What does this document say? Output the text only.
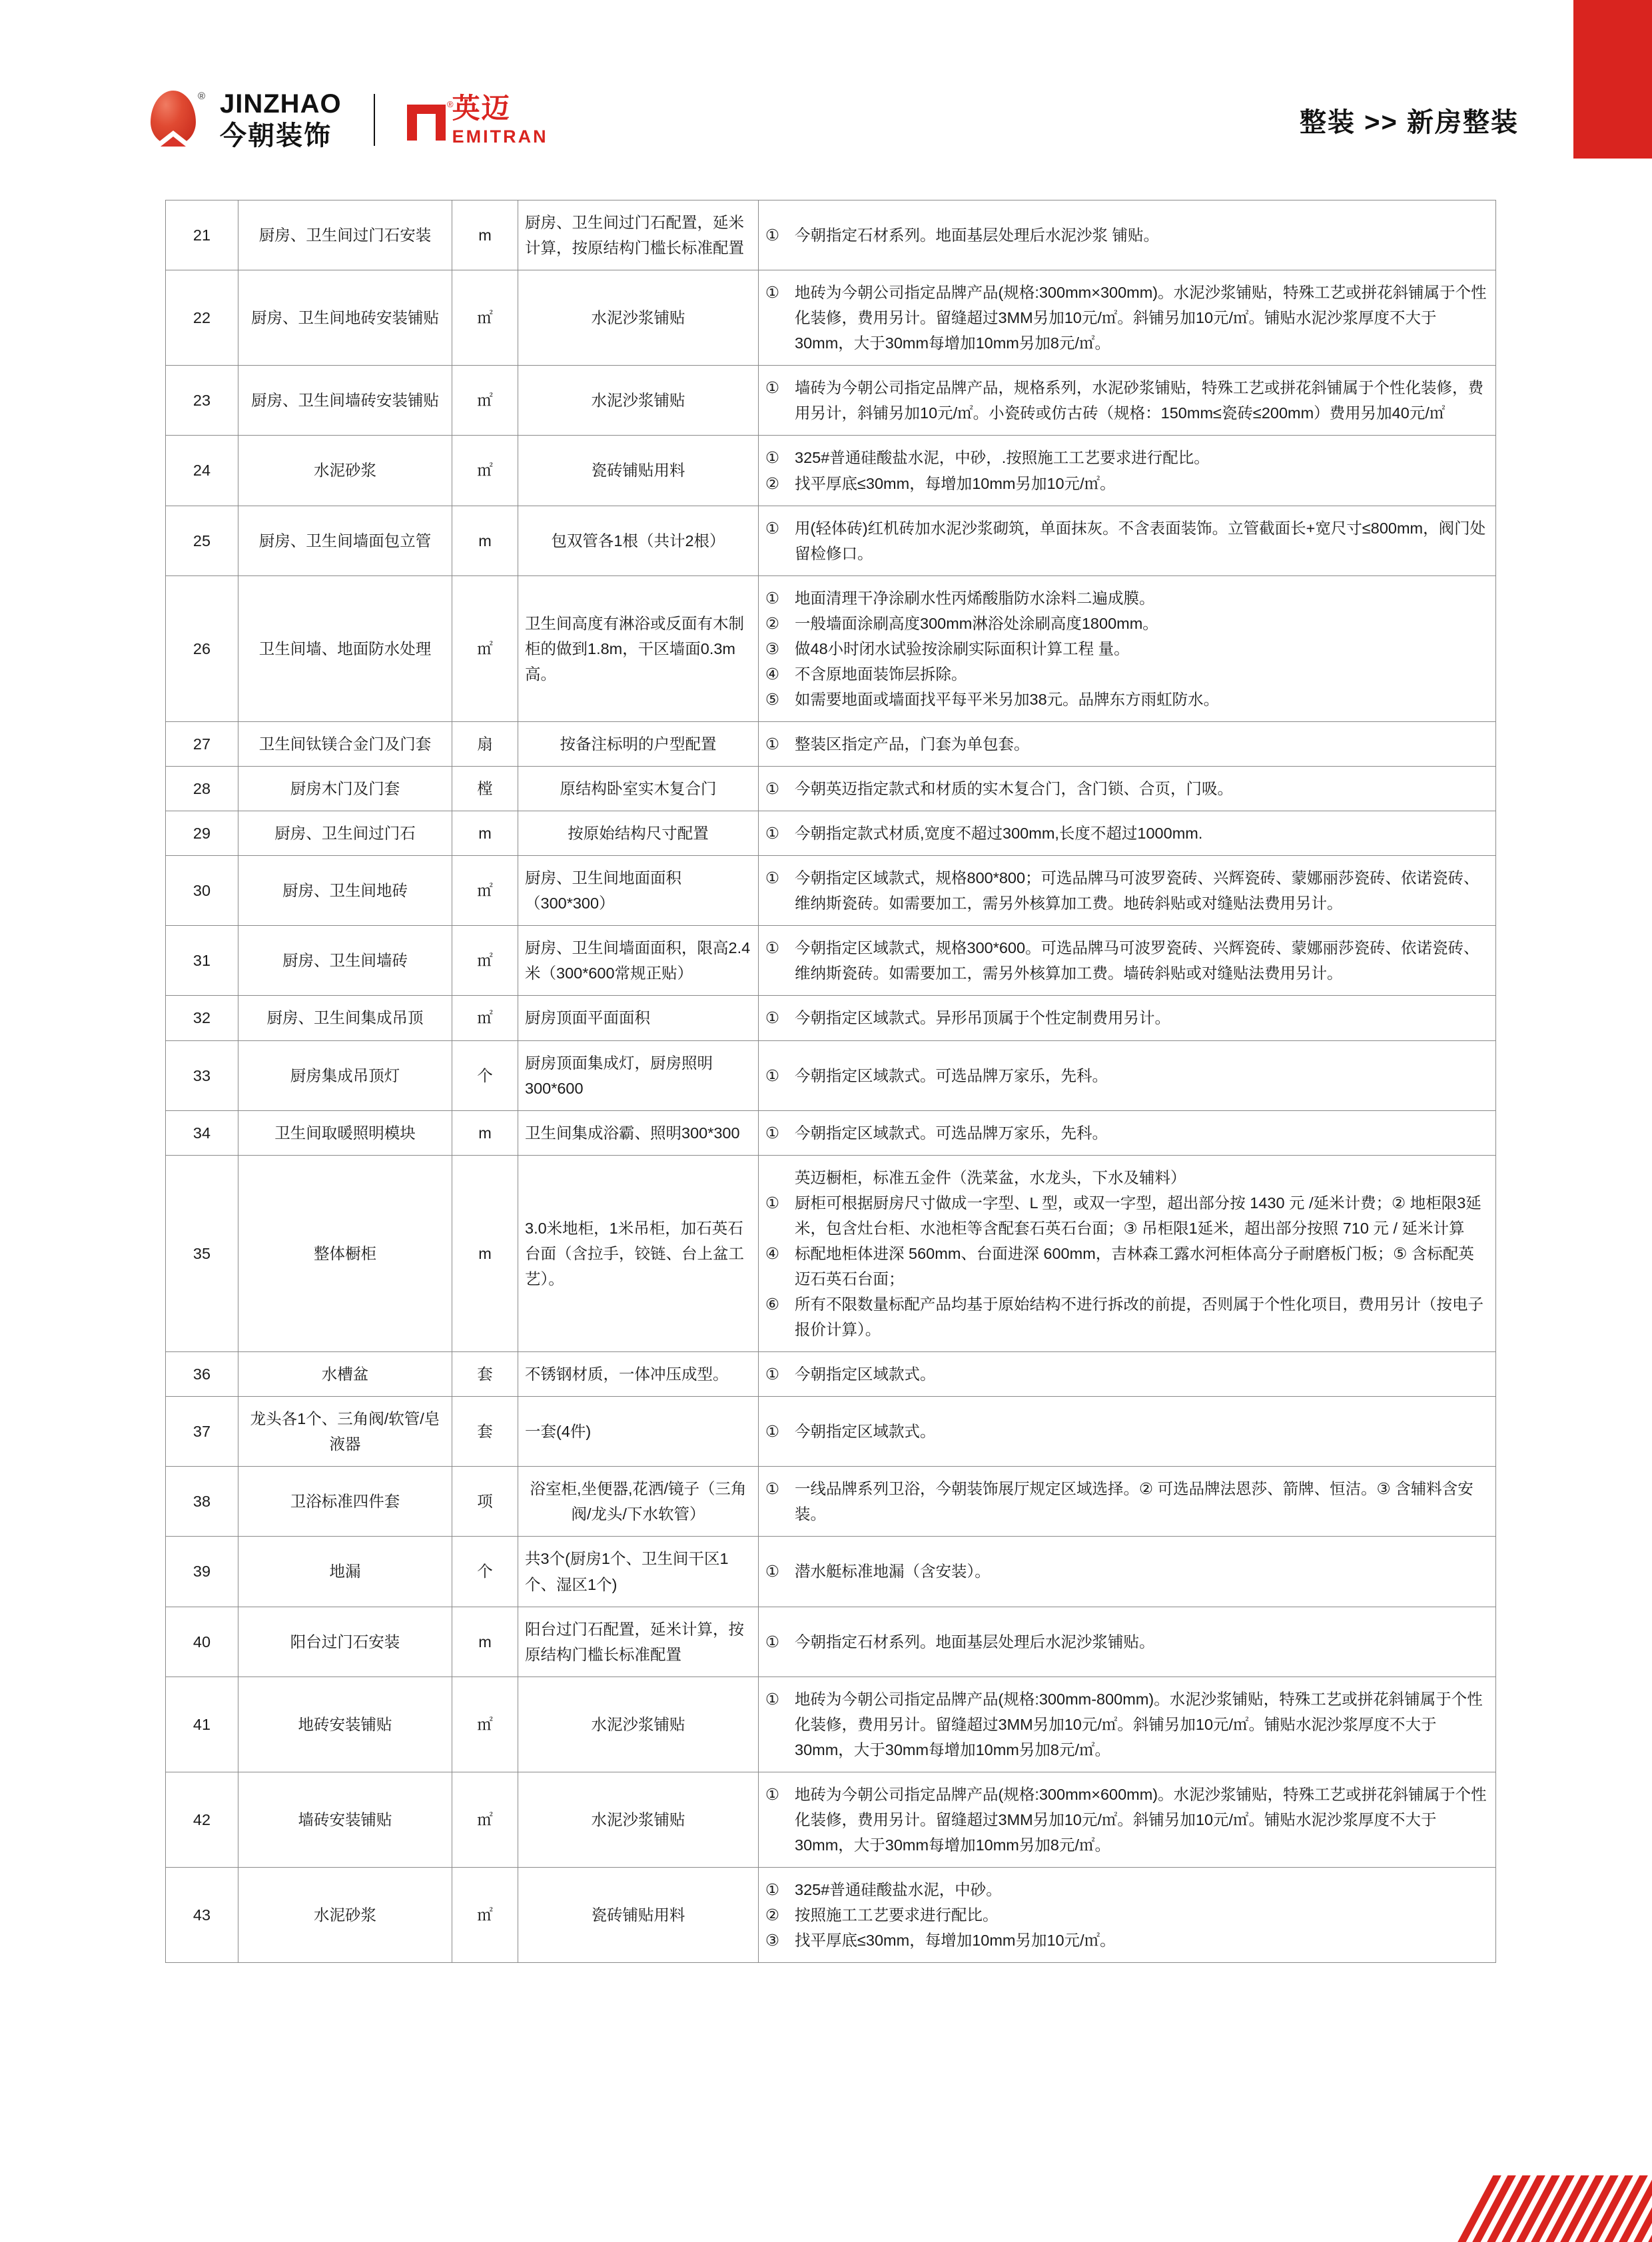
® JINZHAO
今朝装饰
®
英迈
EMITRAN	整装 >> 新房整装
21	厨房、卫生间过门石安装	m	厨房、卫生间过门石配置，延米计算，按原结构门槛长标准配置	① 今朝指定石材系列。地面基层处理后水泥沙浆 铺贴。

22	厨房、卫生间地砖安装铺贴	㎡	水泥沙浆铺贴	① 地砖为今朝公司指定品牌产品(规格:300mm×300mm)。水泥沙浆铺贴，特殊工艺或拼花斜铺属于个性化装修，费用另计。留缝超过3MM另加10元/㎡。斜铺另加10元/㎡。铺贴水泥沙浆厚度不大于30mm，大于30mm每增加10mm另加8元/㎡。

23	厨房、卫生间墙砖安装铺贴	㎡	水泥沙浆铺贴	① 墙砖为今朝公司指定品牌产品，规格系列，水泥砂浆铺贴，特殊工艺或拼花斜铺属于个性化装修，费用另计，斜铺另加10元/㎡。小瓷砖或仿古砖（规格：150mm≤瓷砖≤200mm）费用另加40元/㎡

24	水泥砂浆	㎡	瓷砖铺贴用料	① 325#普通硅酸盐水泥，中砂，.按照施工工艺要求进行配比。
② 找平厚底≤30mm，每增加10mm另加10元/㎡。

25	厨房、卫生间墙面包立管	m	包双管各1根（共计2根）	① 用(轻体砖)红机砖加水泥沙浆砌筑，单面抹灰。不含表面装饰。立管截面长+宽尺寸≤800mm，阀门处留检修口。

26	卫生间墙、地面防水处理	㎡	卫生间高度有淋浴或反面有木制柜的做到1.8m，干区墙面0.3m高。	
① 地面清理干净涂刷水性丙烯酸脂防水涂料二遍成膜。
② 一般墙面涂刷高度300mm淋浴处涂刷高度1800mm。
③ 做48小时闭水试验按涂刷实际面积计算工程 量。
④ 不含原地面装饰层拆除。
⑤ 如需要地面或墙面找平每平米另加38元。品牌东方雨虹防水。

27	卫生间钛镁合金门及门套	扇	按备注标明的户型配置	① 整装区指定产品，门套为单包套。

28	厨房木门及门套	樘	原结构卧室实木复合门	① 今朝英迈指定款式和材质的实木复合门，含门锁、合页，门吸。

29	厨房、卫生间过门石	m	按原始结构尺寸配置	① 今朝指定款式材质,宽度不超过300mm,长度不超过1000mm.

30	厨房、卫生间地砖	㎡	厨房、卫生间地面面积（300*300）	① 今朝指定区域款式，规格800*800；可选品牌马可波罗瓷砖、兴辉瓷砖、蒙娜丽莎瓷砖、依诺瓷砖、维纳斯瓷砖。如需要加工，需另外核算加工费。地砖斜贴或对缝贴法费用另计。

31	厨房、卫生间墙砖	㎡	厨房、卫生间墙面面积，限高2.4米（300*600常规正贴）	① 今朝指定区域款式，规格300*600。可选品牌马可波罗瓷砖、兴辉瓷砖、蒙娜丽莎瓷砖、依诺瓷砖、维纳斯瓷砖。如需要加工，需另外核算加工费。墙砖斜贴或对缝贴法费用另计。

32	厨房、卫生间集成吊顶	㎡	厨房顶面平面面积	① 今朝指定区域款式。异形吊顶属于个性定制费用另计。

33	厨房集成吊顶灯	个	厨房顶面集成灯，厨房照明300*600	① 今朝指定区域款式。可选品牌万家乐，先科。

34	卫生间取暖照明模块	m	卫生间集成浴霸、照明300*300	① 今朝指定区域款式。可选品牌万家乐，先科。

35	整体橱柜	m	3.0米地柜，1米吊柜，加石英石台面（含拉手，铰链、台上盆工艺）。	
英迈橱柜，标准五金件（洗菜盆，水龙头，下水及辅料）
① 厨柜可根据厨房尺寸做成一字型、L 型，或双一字型，超出部分按 1430 元 /延米计费；② 地柜限3延米，包含灶台柜、水池柜等含配套石英石台面；③ 吊柜限1延米，超出部分按照 710 元 / 延米计算
④ 标配地柜体进深 560mm、台面进深 600mm，吉林森工露水河柜体高分子耐磨板门板；⑤ 含标配英迈石英石台面；
⑥ 所有不限数量标配产品均基于原始结构不进行拆改的前提，否则属于个性化项目，费用另计（按电子报价计算）。

36	水槽盆	套	不锈钢材质，一体冲压成型。	① 今朝指定区域款式。

37	龙头各1个、三角阀/软管/皂液器	套	一套(4件)	① 今朝指定区域款式。

38	卫浴标准四件套	项	浴室柜,坐便器,花洒/镜子（三角阀/龙头/下水软管）	① 一线品牌系列卫浴，今朝装饰展厅规定区域选择。② 可选品牌法恩莎、箭牌、恒洁。③ 含辅料含安装。

39	地漏	个	共3个(厨房1个、卫生间干区1个、湿区1个)	① 潜水艇标准地漏（含安装）。

40	阳台过门石安装	m	阳台过门石配置，延米计算，按原结构门槛长标准配置	① 今朝指定石材系列。地面基层处理后水泥沙浆铺贴。

41	地砖安装铺贴	㎡	水泥沙浆铺贴	① 地砖为今朝公司指定品牌产品(规格:300mm-800mm)。水泥沙浆铺贴，特殊工艺或拼花斜铺属于个性化装修，费用另计。留缝超过3MM另加10元/㎡。斜铺另加10元/㎡。铺贴水泥沙浆厚度不大于30mm，大于30mm每增加10mm另加8元/㎡。

42	墙砖安装铺贴	㎡	水泥沙浆铺贴	① 地砖为今朝公司指定品牌产品(规格:300mm×600mm)。水泥沙浆铺贴，特殊工艺或拼花斜铺属于个性化装修，费用另计。留缝超过3MM另加10元/㎡。斜铺另加10元/㎡。铺贴水泥沙浆厚度不大于30mm，大于30mm每增加10mm另加8元/㎡。

43	水泥砂浆	㎡	瓷砖铺贴用料	
① 325#普通硅酸盐水泥，中砂。
② 按照施工工艺要求进行配比。
③ 找平厚底≤30mm，每增加10mm另加10元/㎡。
